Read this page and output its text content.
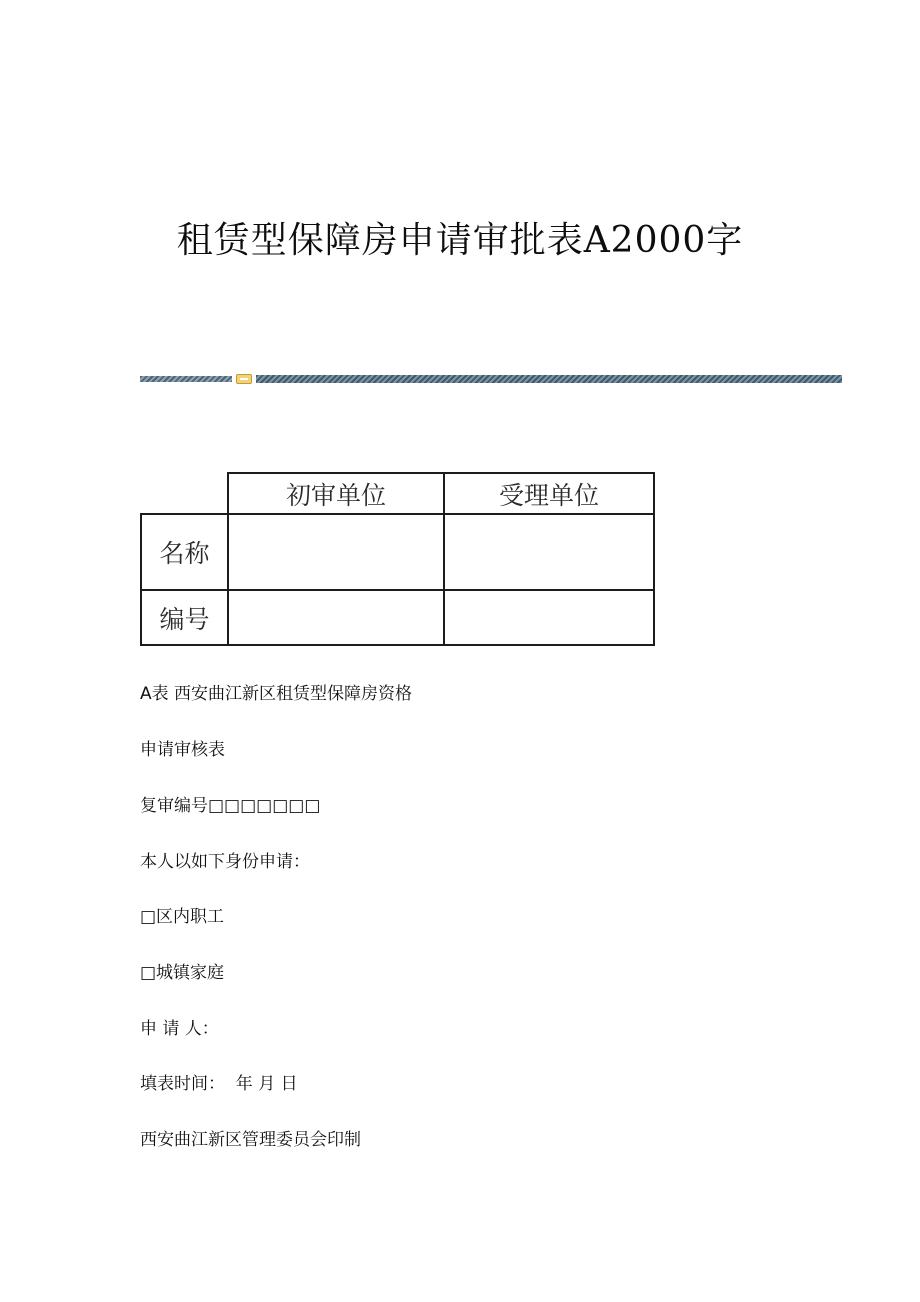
租赁型保障房申请审批表A2000字
	初审单位	受理单位
名称		
编号		
A表 西安曲江新区租赁型保障房资格
申请审核表
复审编号□□□□□□□
本人以如下身份申请：
□区内职工
□城镇家庭
申 请 人：
填表时间：  年 月 日
西安曲江新区管理委员会印制
